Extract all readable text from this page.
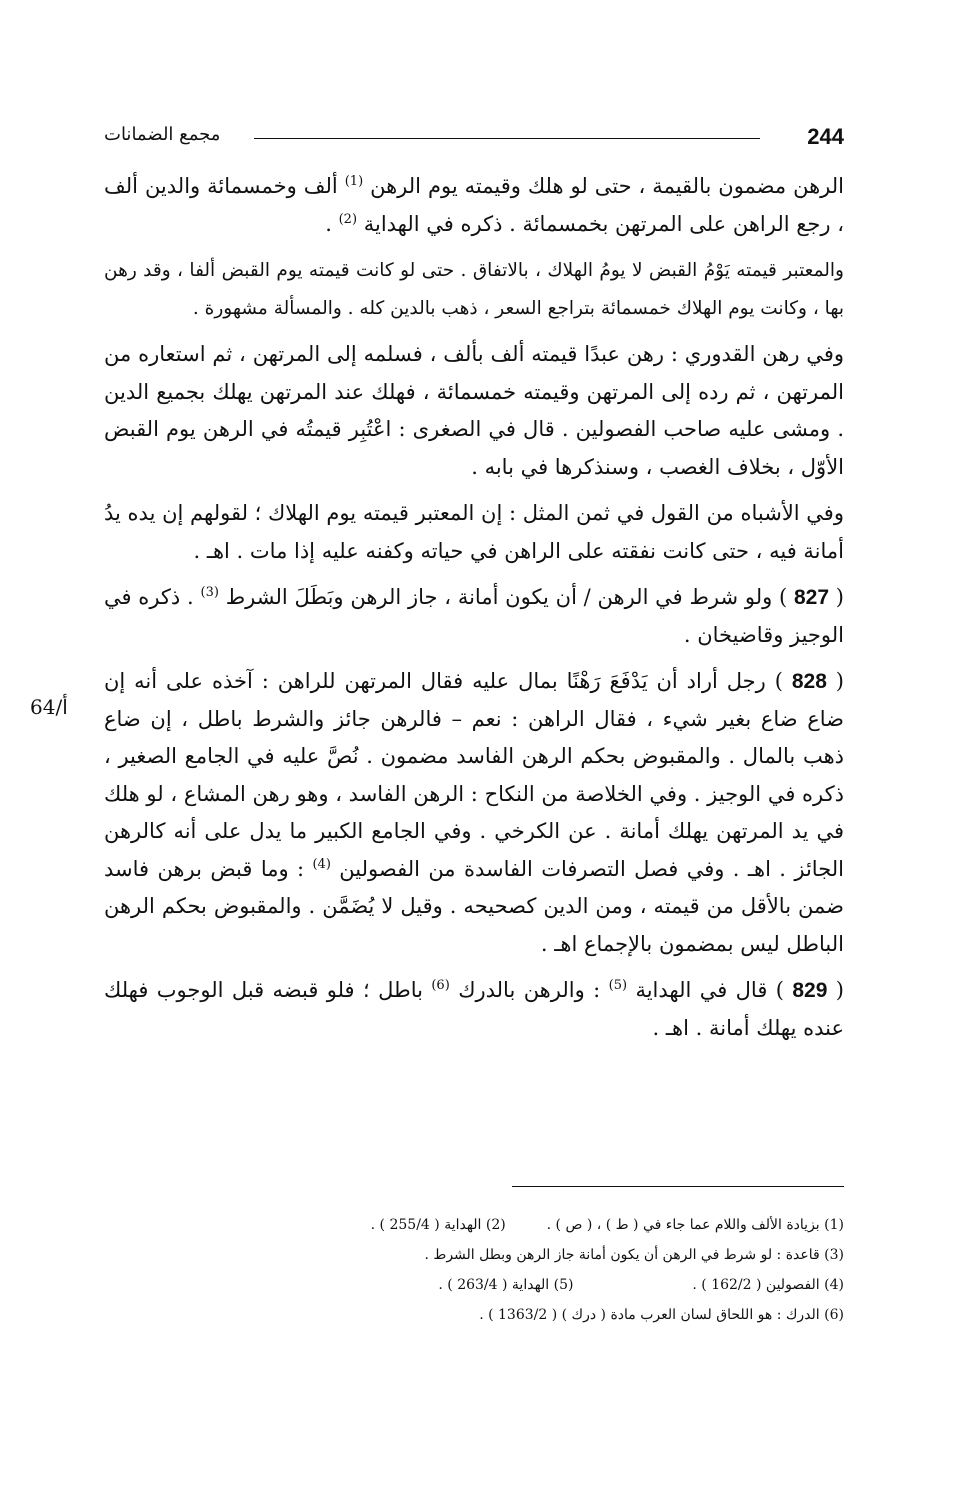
244
مجمع الضمانات

الرهن مضمون بالقيمة ، حتى لو هلك وقيمته يوم الرهن $^{(1)}$ ألف وخمسمائة والدين ألف ، رجع الراهن على المرتهن بخمسمائة . ذكره في الهداية $^{(2)}$ .

والمعتبر قيمته يَوْمُ القبض لا يومُ الهلاك ، بالاتفاق . حتى لو كانت قيمته يوم القبض ألفا ، وقد رهن بها ، وكانت يوم الهلاك خمسمائة بتراجع السعر ، ذهب بالدين كله . والمسألة مشهورة .

وفي رهن القدوري : رهن عبدًا قيمته ألف بألف ، فسلمه إلى المرتهن ، ثم استعاره من المرتهن ، ثم رده إلى المرتهن وقيمته خمسمائة ، فهلك عند المرتهن يهلك بجميع الدين . ومشى عليه صاحب الفصولين . قال في الصغرى : اعْتُبِر قيمتُه في الرهن يوم القبض الأوّل ، بخلاف الغصب ، وسنذكرها في بابه .

وفي الأشباه من القول في ثمن المثل : إن المعتبر قيمته يوم الهلاك ؛ لقولهم إن يده يدُ أمانة فيه ، حتى كانت نفقته على الراهن في حياته وكفنه عليه إذا مات . اهـ .

( 827 ) ولو شرط في الرهن / أن يكون أمانة ، جاز الرهن وبَطَلَ الشرط $^{(3)}$ . ذكره في الوجيز وقاضيخان .

( 828 ) رجل أراد أن يَدْفَعَ رَهْنًا بمال عليه فقال المرتهن للراهن : آخذه على أنه إن ضاع ضاع بغير شيء ، فقال الراهن : نعم – فالرهن جائز والشرط باطل ، إن ضاع ذهب بالمال . والمقبوض بحكم الرهن الفاسد مضمون . نُصَّ عليه في الجامع الصغير ، ذكره في الوجيز . وفي الخلاصة من النكاح : الرهن الفاسد ، وهو رهن المشاع ، لو هلك في يد المرتهن يهلك أمانة . عن الكرخي . وفي الجامع الكبير ما يدل على أنه كالرهن الجائز . اهـ . وفي فصل التصرفات الفاسدة من الفصولين $^{(4)}$ : وما قبض برهن فاسد ضمن بالأقل من قيمته ، ومن الدين كصحيحه . وقيل لا يُضَمَّن . والمقبوض بحكم الرهن الباطل ليس بمضمون بالإجماع اهـ .

( 829 ) قال في الهداية $^{(5)}$ : والرهن بالدرك $^{(6)}$ باطل ؛ فلو قبضه قبل الوجوب فهلك عنده يهلك أمانة . اهـ .

64/أ
(1) بزيادة الألف واللام عما جاء في ( ط ) ، ( ص ) .  (2) الهداية ( 255/4 ) .
(3) قاعدة : لو شرط في الرهن أن يكون أمانة جاز الرهن وبطل الشرط .
(4) الفصولين ( 162/2 ) .  (5) الهداية ( 263/4 ) .
(6) الدرك : هو اللحاق لسان العرب مادة ( درك ) ( 1363/2 ) .
